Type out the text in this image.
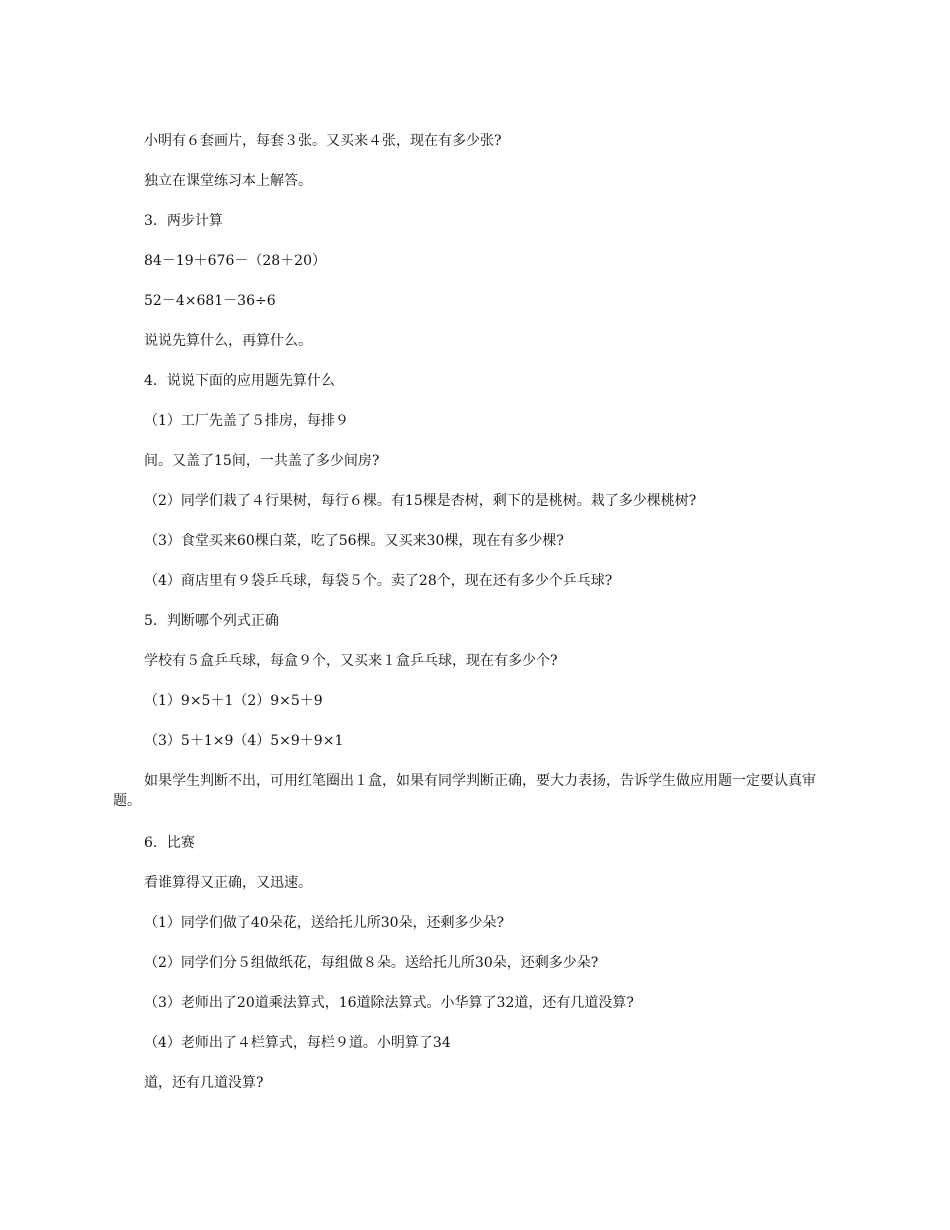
小明有６套画片，每套３张。又买来４张，现在有多少张?

独立在课堂练习本上解答。

3．两步计算

84－19＋676－（28＋20）

52－4×681－36÷6

说说先算什么，再算什么。

4．说说下面的应用题先算什么

（1）工厂先盖了５排房，每排９

间。又盖了15间，一共盖了多少间房?

（2）同学们栽了４行果树，每行６棵。有15棵是杏树，剩下的是桃树。栽了多少棵桃树?

（3）食堂买来60棵白菜，吃了56棵。又买来30棵，现在有多少棵?

（4）商店里有９袋乒乓球，每袋５个。卖了28个，现在还有多少个乒乓球?

5．判断哪个列式正确

学校有５盒乒乓球，每盒９个，又买来１盒乒乓球，现在有多少个?

（1）9×5＋1（2）9×5＋9

（3）5＋1×9（4）5×9＋9×1

如果学生判断不出，可用红笔圈出１盒，如果有同学判断正确，要大力表扬，告诉学生做应用题一定要认真审题。

6．比赛

看谁算得又正确，又迅速。

（1）同学们做了40朵花，送给托儿所30朵，还剩多少朵?

（2）同学们分５组做纸花，每组做８朵。送给托儿所30朵，还剩多少朵?

（3）老师出了20道乘法算式，16道除法算式。小华算了32道，还有几道没算?

（4）老师出了４栏算式，每栏９道。小明算了34

道，还有几道没算?
